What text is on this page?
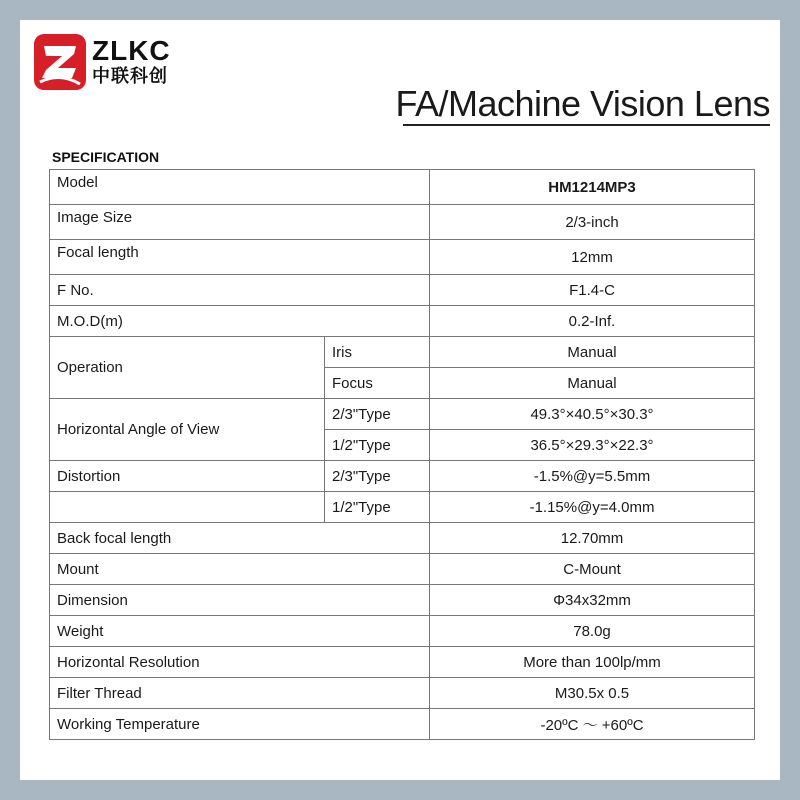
ZLKC
中联科创
FA/Machine Vision Lens
SPECIFICATION
Model		HM1214MP3
Image Size		2/3-inch
Focal length		12mm
F No.		F1.4-C
M.O.D(m)		0.2-Inf.
Operation	Iris	Manual
	Focus	Manual
Horizontal Angle of View	2/3"Type	49.3°×40.5°×30.3°
	1/2"Type	36.5°×29.3°×22.3°
Distortion	2/3"Type	-1.5%@y=5.5mm
	1/2"Type	-1.15%@y=4.0mm
Back focal length		12.70mm
Mount		C-Mount
Dimension		Φ34x32mm
Weight		78.0g
Horizontal Resolution		More than 100lp/mm
Filter Thread		M30.5x 0.5
Working Temperature		-20ºC ～ +60ºC
